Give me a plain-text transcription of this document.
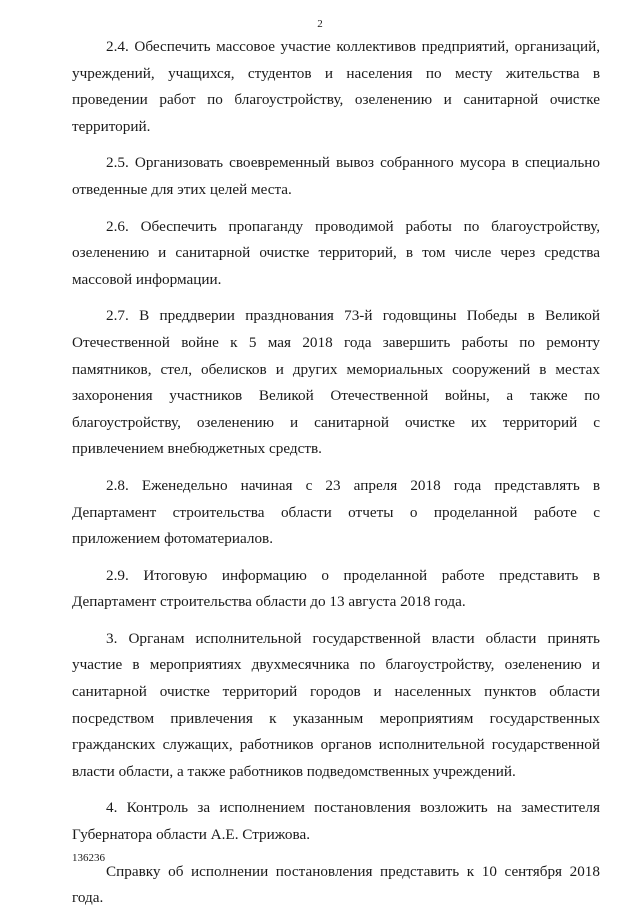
2

2.4. Обеспечить массовое участие коллективов предприятий, организаций, учреждений, учащихся, студентов и населения по месту жительства в проведении работ по благоустройству, озеленению и санитарной очистке территорий.

2.5. Организовать своевременный вывоз собранного мусора в специально отведенные для этих целей места.

2.6. Обеспечить пропаганду проводимой работы по благоустройству, озеленению и санитарной очистке территорий, в том числе через средства массовой информации.

2.7. В преддверии празднования 73-й годовщины Победы в Великой Отечественной войне к 5 мая 2018 года завершить работы по ремонту памятников, стел, обелисков и других мемориальных сооружений в местах захоронения участников Великой Отечественной войны, а также по благоустройству, озеленению и санитарной очистке их территорий с привлечением внебюджетных средств.

2.8. Еженедельно начиная с 23 апреля 2018 года представлять в Департамент строительства области отчеты о проделанной работе с приложением фотоматериалов.

2.9. Итоговую информацию о проделанной работе представить в Департамент строительства области до 13 августа 2018 года.

3. Органам исполнительной государственной власти области принять участие в мероприятиях двухмесячника по благоустройству, озеленению и санитарной очистке территорий городов и населенных пунктов области посредством привлечения к указанным мероприятиям государственных гражданских служащих, работников органов исполнительной государственной власти области, а также работников подведомственных учреждений.

4. Контроль за исполнением постановления возложить на заместителя Губернатора области А.Е. Стрижова.

Справку об исполнении постановления представить к 10 сентября 2018 года.

136236
